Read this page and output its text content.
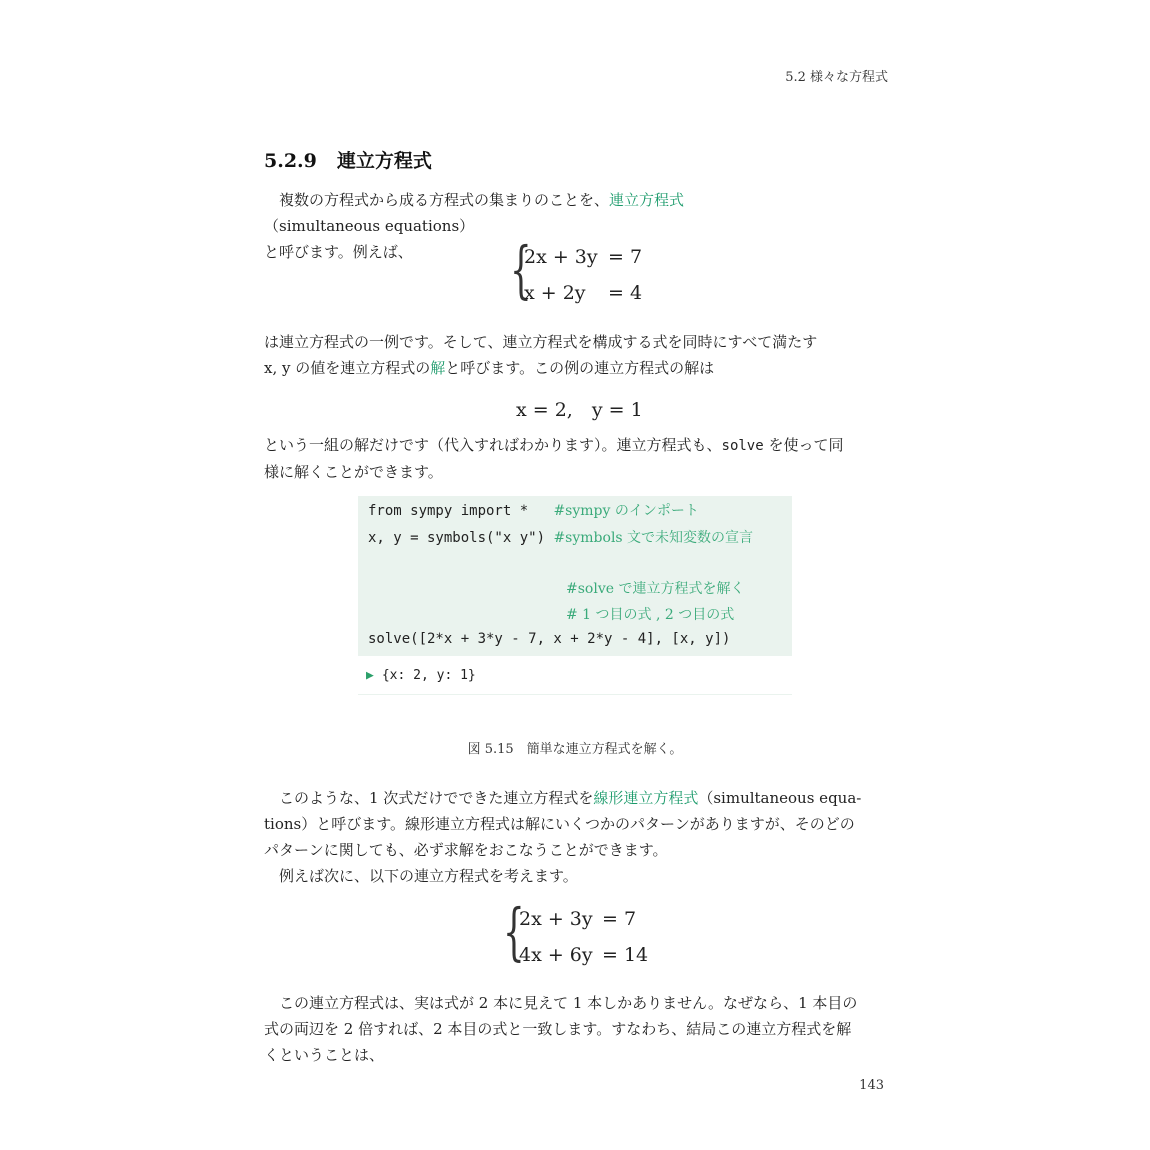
5.2 様々な方程式
5.2.9 連立方程式
　複数の方程式から成る方程式の集まりのことを、連立方程式（simultaneous equations）
と呼びます。例えば、	{
2x + 3y = 7
x + 2y = 4
は連立方程式の一例です。そして、連立方程式を構成する式を同時にすべて満たす
x, y の値を連立方程式の解と呼びます。この例の連立方程式の解は
x = 2,　y = 1
という一組の解だけです（代入すればわかります）。連立方程式も、solve を使って同
様に解くことができます。
from sympy import *   #sympy のインポート
x, y = symbols("x y") #symbols 文で未知変数の宣言
#solve で連立方程式を解く
# 1 つ目の式 , 2 つ目の式
solve([2*x + 3*y - 7, x + 2*y - 4], [x, y])
▶ {x: 2, y: 1}
図 5.15　簡単な連立方程式を解く。
　このような、1 次式だけでできた連立方程式を線形連立方程式（simultaneous equa-
tions）と呼びます。線形連立方程式は解にいくつかのパターンがありますが、そのどの
パターンに関しても、必ず求解をおこなうことができます。
　例えば次に、以下の連立方程式を考えます。
{
2x + 3y = 7
4x + 6y = 14
　この連立方程式は、実は式が 2 本に見えて 1 本しかありません。なぜなら、1 本目の
式の両辺を 2 倍すれば、2 本目の式と一致します。すなわち、結局この連立方程式を解
くということは、
143
